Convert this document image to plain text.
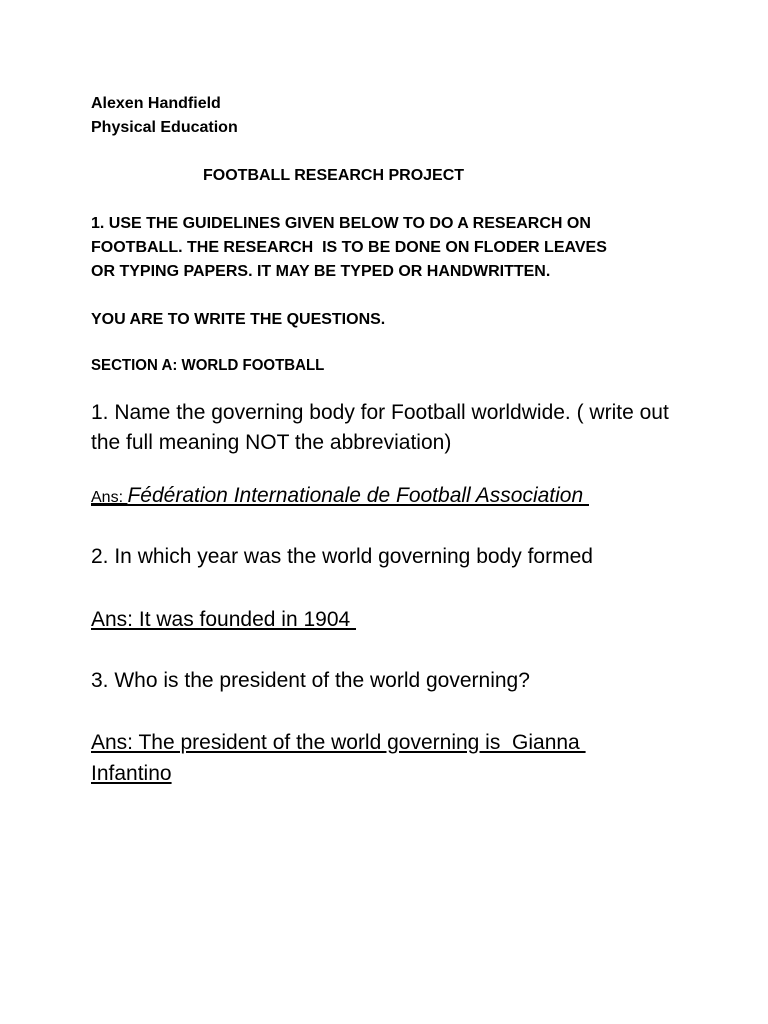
Alexen Handfield
Physical Education
FOOTBALL RESEARCH PROJECT
1. USE THE GUIDELINES GIVEN BELOW TO DO A RESEARCH ON
FOOTBALL. THE RESEARCH  IS TO BE DONE ON FLODER LEAVES
OR TYPING PAPERS. IT MAY BE TYPED OR HANDWRITTEN.
YOU ARE TO WRITE THE QUESTIONS.
SECTION A: WORLD FOOTBALL
1. Name the governing body for Football worldwide. ( write out
the full meaning NOT the abbreviation)
Ans: Fédération Internationale de Football Association
2. In which year was the world governing body formed
Ans: It was founded in 1904
3. Who is the president of the world governing?
Ans: The president of the world governing is  Gianna
Infantino
